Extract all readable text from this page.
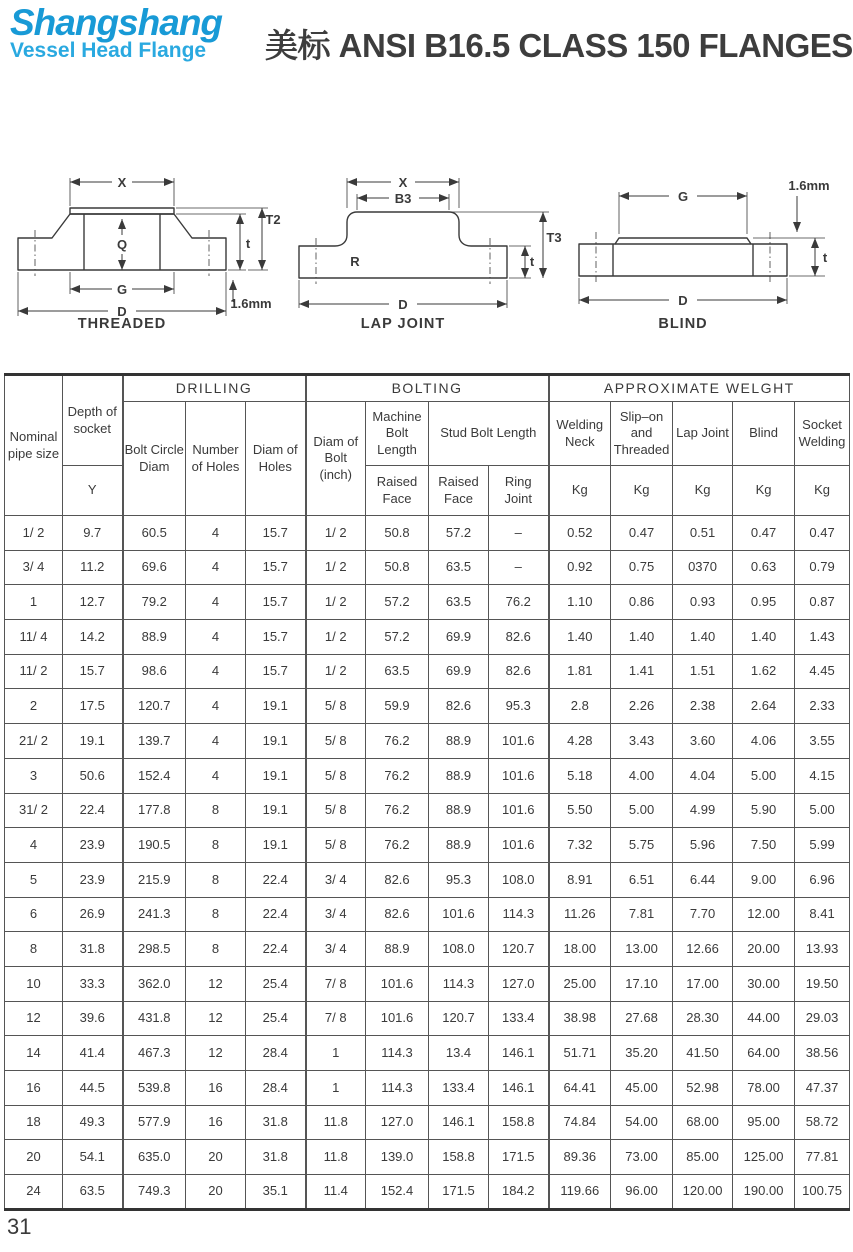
Shangshang
Vessel Head Flange	美标 ANSI B16.5 CLASS 150 FLANGES
X
Q
G
D
t
T2
1.6mm
THREADED
R
X
B3
D
t
T3
LAP JOINT
G
1.6mm
t
D
BLIND
Nominal pipe size	Depth of socket	DRILLING			BOLTING				APPROXIMATE WELGHT				
		Bolt Circle Diam	Number of Holes	Diam of Holes	Diam of Bolt (inch)	Machine Bolt Length	Stud Bolt Length		Welding Neck	Slip–on and Threaded	Lap Joint	Blind	Socket Welding
	Y					Raised Face	Raised Face	Ring Joint	Kg	Kg	Kg	Kg	Kg
1/ 2	9.7	60.5	4	15.7	1/ 2	50.8	57.2	–	0.52	0.47	0.51	0.47	0.47
3/ 4	11.2	69.6	4	15.7	1/ 2	50.8	63.5	–	0.92	0.75	0370	0.63	0.79
1	12.7	79.2	4	15.7	1/ 2	57.2	63.5	76.2	1.10	0.86	0.93	0.95	0.87
11/ 4	14.2	88.9	4	15.7	1/ 2	57.2	69.9	82.6	1.40	1.40	1.40	1.40	1.43
11/ 2	15.7	98.6	4	15.7	1/ 2	63.5	69.9	82.6	1.81	1.41	1.51	1.62	4.45
2	17.5	120.7	4	19.1	5/ 8	59.9	82.6	95.3	2.8	2.26	2.38	2.64	2.33
21/ 2	19.1	139.7	4	19.1	5/ 8	76.2	88.9	101.6	4.28	3.43	3.60	4.06	3.55
3	50.6	152.4	4	19.1	5/ 8	76.2	88.9	101.6	5.18	4.00	4.04	5.00	4.15
31/ 2	22.4	177.8	8	19.1	5/ 8	76.2	88.9	101.6	5.50	5.00	4.99	5.90	5.00
4	23.9	190.5	8	19.1	5/ 8	76.2	88.9	101.6	7.32	5.75	5.96	7.50	5.99
5	23.9	215.9	8	22.4	3/ 4	82.6	95.3	108.0	8.91	6.51	6.44	9.00	6.96
6	26.9	241.3	8	22.4	3/ 4	82.6	101.6	114.3	11.26	7.81	7.70	12.00	8.41
8	31.8	298.5	8	22.4	3/ 4	88.9	108.0	120.7	18.00	13.00	12.66	20.00	13.93
10	33.3	362.0	12	25.4	7/ 8	101.6	114.3	127.0	25.00	17.10	17.00	30.00	19.50
12	39.6	431.8	12	25.4	7/ 8	101.6	120.7	133.4	38.98	27.68	28.30	44.00	29.03
14	41.4	467.3	12	28.4	1	114.3	13.4	146.1	51.71	35.20	41.50	64.00	38.56
16	44.5	539.8	16	28.4	1	114.3	133.4	146.1	64.41	45.00	52.98	78.00	47.37
18	49.3	577.9	16	31.8	11.8	127.0	146.1	158.8	74.84	54.00	68.00	95.00	58.72
20	54.1	635.0	20	31.8	11.8	139.0	158.8	171.5	89.36	73.00	85.00	125.00	77.81
24	63.5	749.3	20	35.1	11.4	152.4	171.5	184.2	119.66	96.00	120.00	190.00	100.75
31
